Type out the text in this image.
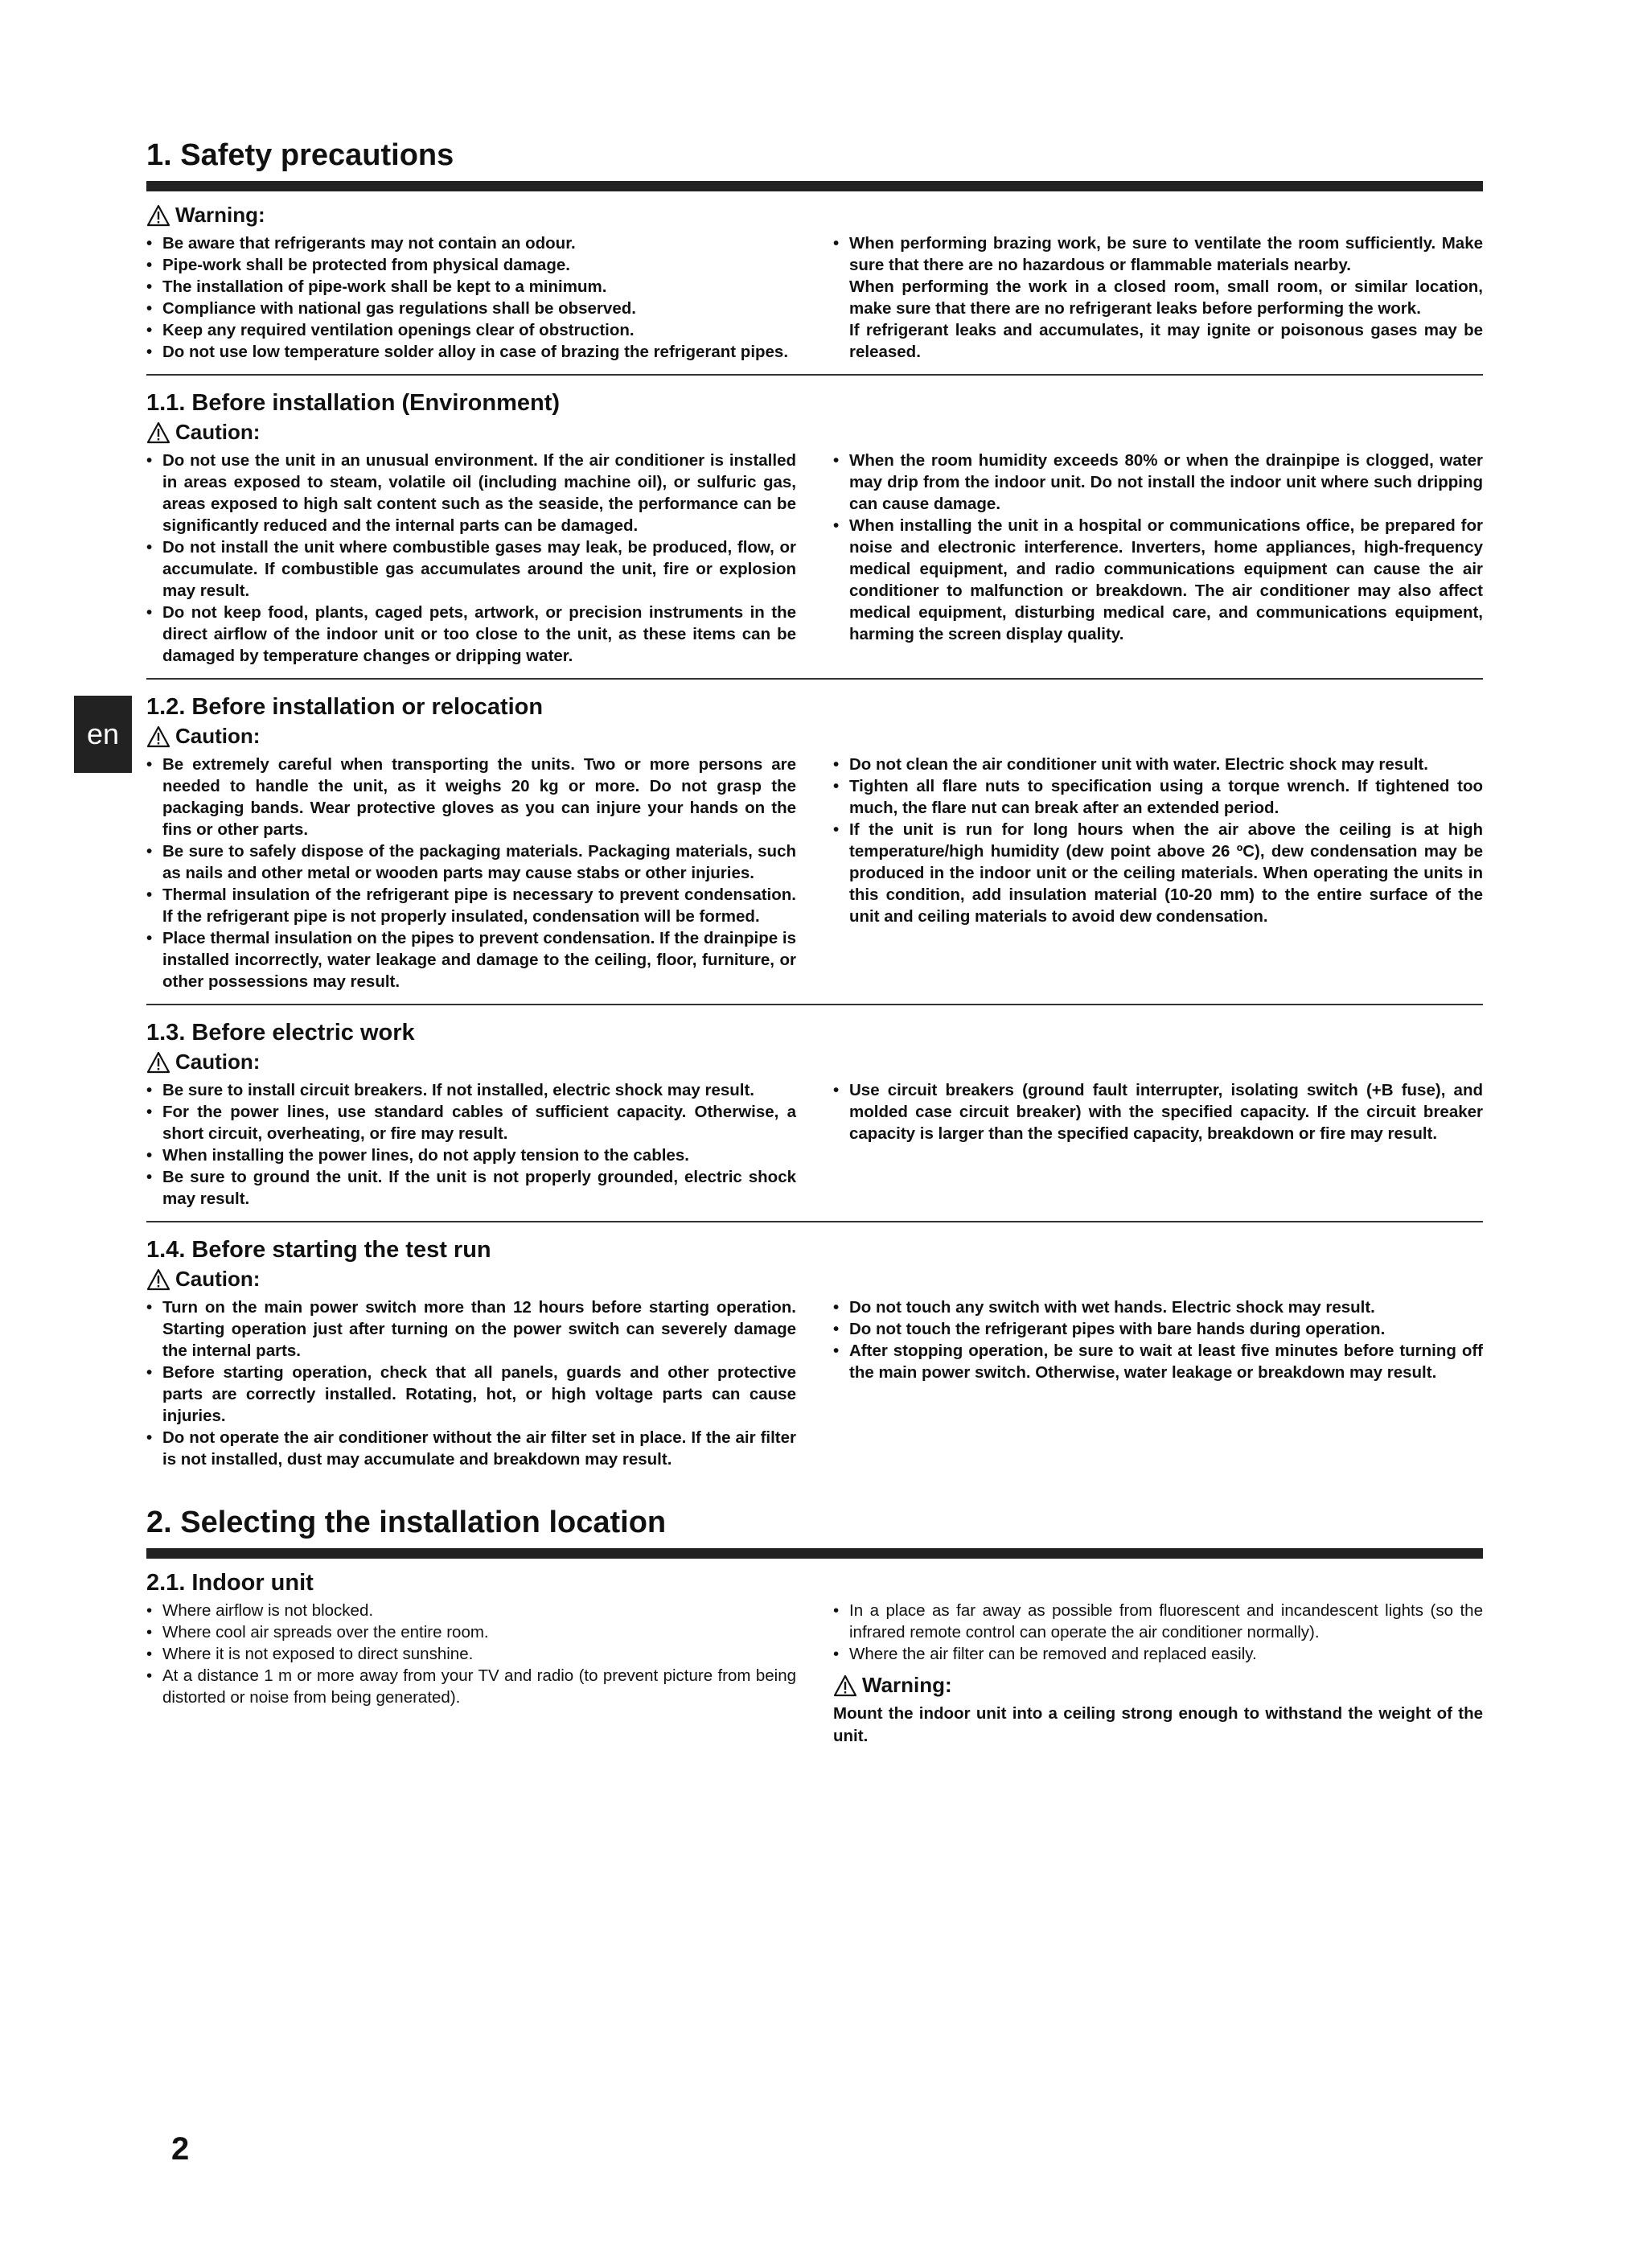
en
1. Safety precautions
Warning:
• Be aware that refrigerants may not contain an odour.
• Pipe-work shall be protected from physical damage.
• The installation of pipe-work shall be kept to a minimum.
• Compliance with national gas regulations shall be observed.
• Keep any required ventilation openings clear of obstruction.
• Do not use low temperature solder alloy in case of brazing the refrigerant pipes.
• When performing brazing work, be sure to ventilate the room sufficiently. Make sure that there are no hazardous or flammable materials nearby.
When performing the work in a closed room, small room, or similar location, make sure that there are no refrigerant leaks before performing the work.
If refrigerant leaks and accumulates, it may ignite or poisonous gases may be released.
1.1. Before installation (Environment)
Caution:
• Do not use the unit in an unusual environment. If the air conditioner is installed in areas exposed to steam, volatile oil (including machine oil), or sulfuric gas, areas exposed to high salt content such as the seaside, the performance can be significantly reduced and the internal parts can be damaged.
• Do not install the unit where combustible gases may leak, be produced, flow, or accumulate. If combustible gas accumulates around the unit, fire or explosion may result.
• Do not keep food, plants, caged pets, artwork, or precision instruments in the direct airflow of the indoor unit or too close to the unit, as these items can be damaged by temperature changes or dripping water.
• When the room humidity exceeds 80% or when the drainpipe is clogged, water may drip from the indoor unit. Do not install the indoor unit where such dripping can cause damage.
• When installing the unit in a hospital or communications office, be prepared for noise and electronic interference. Inverters, home appliances, high-frequency medical equipment, and radio communications equipment can cause the air conditioner to malfunction or breakdown. The air conditioner may also affect medical equipment, disturbing medical care, and communications equipment, harming the screen display quality.
1.2. Before installation or relocation
Caution:
• Be extremely careful when transporting the units. Two or more persons are needed to handle the unit, as it weighs 20 kg or more. Do not grasp the packaging bands. Wear protective gloves as you can injure your hands on the fins or other parts.
• Be sure to safely dispose of the packaging materials. Packaging materials, such as nails and other metal or wooden parts may cause stabs or other injuries.
• Thermal insulation of the refrigerant pipe is necessary to prevent condensation. If the refrigerant pipe is not properly insulated, condensation will be formed.
• Place thermal insulation on the pipes to prevent condensation. If the drainpipe is installed incorrectly, water leakage and damage to the ceiling, floor, furniture, or other possessions may result.
• Do not clean the air conditioner unit with water. Electric shock may result.
• Tighten all flare nuts to specification using a torque wrench. If tightened too much, the flare nut can break after an extended period.
• If the unit is run for long hours when the air above the ceiling is at high temperature/high humidity (dew point above 26 ºC), dew condensation may be produced in the indoor unit or the ceiling materials. When operating the units in this condition, add insulation material (10-20 mm) to the entire surface of the unit and ceiling materials to avoid dew condensation.
1.3. Before electric work
Caution:
• Be sure to install circuit breakers. If not installed, electric shock may result.
• For the power lines, use standard cables of sufficient capacity. Otherwise, a short circuit, overheating, or fire may result.
• When installing the power lines, do not apply tension to the cables.
• Be sure to ground the unit. If the unit is not properly grounded, electric shock may result.
• Use circuit breakers (ground fault interrupter, isolating switch (+B fuse), and molded case circuit breaker) with the specified capacity. If the circuit breaker capacity is larger than the specified capacity, breakdown or fire may result.
1.4. Before starting the test run
Caution:
• Turn on the main power switch more than 12 hours before starting operation. Starting operation just after turning on the power switch can severely damage the internal parts.
• Before starting operation, check that all panels, guards and other protective parts are correctly installed. Rotating, hot, or high voltage parts can cause injuries.
• Do not operate the air conditioner without the air filter set in place. If the air filter is not installed, dust may accumulate and breakdown may result.
• Do not touch any switch with wet hands. Electric shock may result.
• Do not touch the refrigerant pipes with bare hands during operation.
• After stopping operation, be sure to wait at least five minutes before turning off the main power switch. Otherwise, water leakage or breakdown may result.
2. Selecting the installation location
2.1. Indoor unit
• Where airflow is not blocked.
• Where cool air spreads over the entire room.
• Where it is not exposed to direct sunshine.
• At a distance 1 m or more away from your TV and radio (to prevent picture from being distorted or noise from being generated).
• In a place as far away as possible from fluorescent and incandescent lights (so the infrared remote control can operate the air conditioner normally).
• Where the air filter can be removed and replaced easily.
Warning:
Mount the indoor unit into a ceiling strong enough to withstand the weight of the unit.
2
